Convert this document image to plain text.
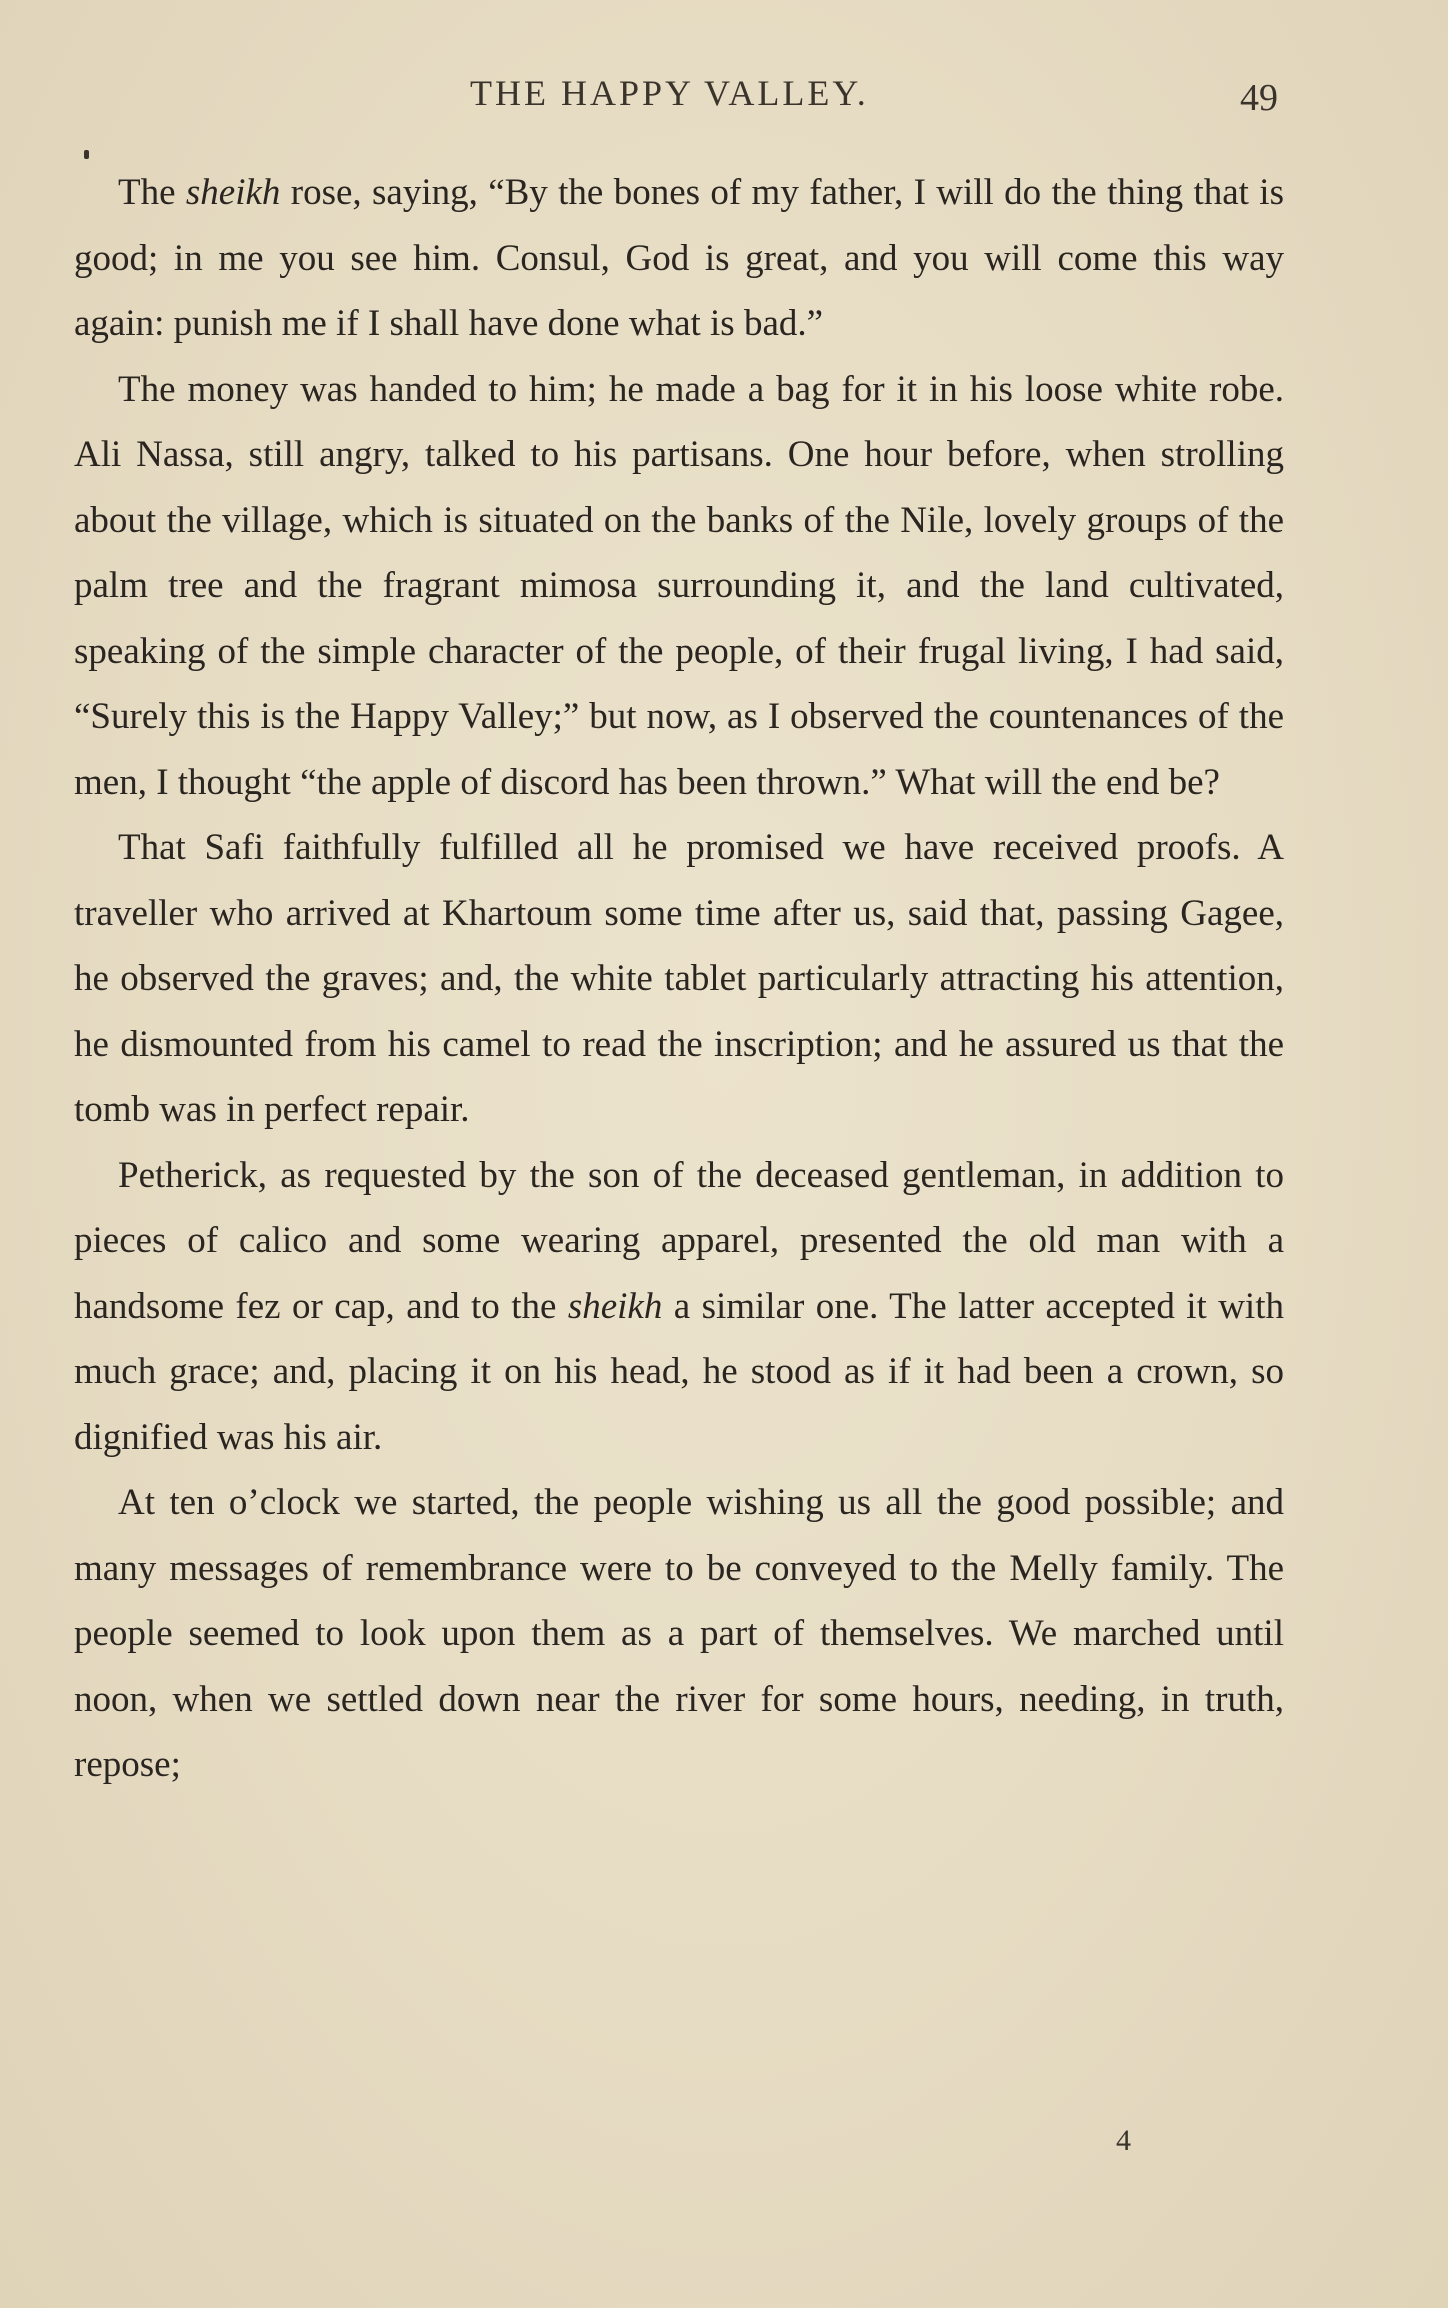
THE HAPPY VALLEY.	49

The sheikh rose, saying, “By the bones of my father, I will do the thing that is good; in me you see him. Consul, God is great, and you will come this way again: punish me if I shall have done what is bad.”

The money was handed to him; he made a bag for it in his loose white robe. Ali Nassa, still angry, talked to his partisans. One hour before, when strolling about the village, which is situated on the banks of the Nile, lovely groups of the palm tree and the fragrant mimosa surrounding it, and the land cultivated, speaking of the simple character of the people, of their frugal living, I had said, “Surely this is the Happy Valley;” but now, as I observed the countenances of the men, I thought “the apple of discord has been thrown.” What will the end be?

That Safi faithfully fulfilled all he promised we have received proofs. A traveller who arrived at Khartoum some time after us, said that, passing Gagee, he observed the graves; and, the white tablet particularly attracting his attention, he dismounted from his camel to read the inscription; and he assured us that the tomb was in perfect repair.

Petherick, as requested by the son of the deceased gentleman, in addition to pieces of calico and some wearing apparel, presented the old man with a handsome fez or cap, and to the sheikh a similar one. The latter accepted it with much grace; and, placing it on his head, he stood as if it had been a crown, so dignified was his air.

At ten o’clock we started, the people wishing us all the good possible; and many messages of remembrance were to be conveyed to the Melly family. The people seemed to look upon them as a part of themselves. We marched until noon, when we settled down near the river for some hours, needing, in truth, repose;

4
